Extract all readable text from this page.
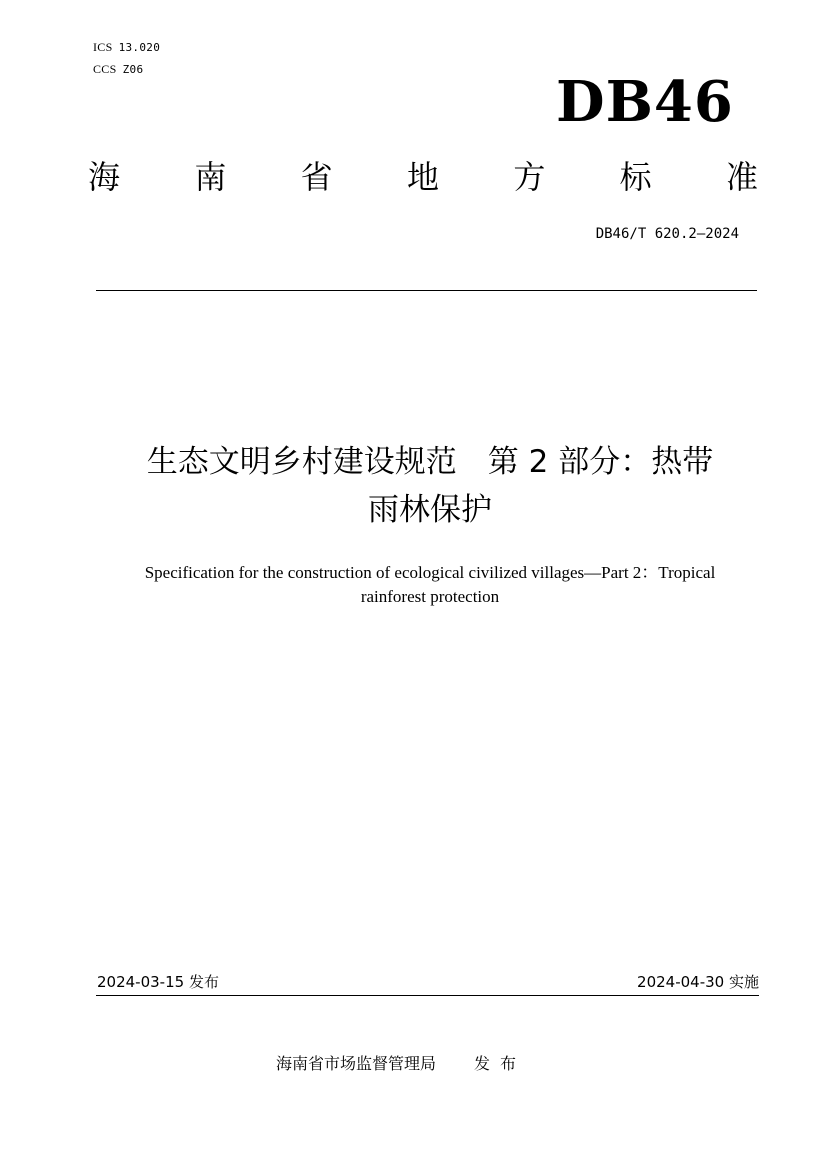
ICS 13.020
CCS Z06	DB46
海 南 省 地 方 标 准
DB46/T 620.2—2024
生态文明乡村建设规范　第 2 部分：热带
雨林保护
Specification for the construction of ecological civilized villages—Part 2：Tropical
rainforest protection
2024-03-15 发布	2024-04-30 实施
海南省市场监督管理局 发布
